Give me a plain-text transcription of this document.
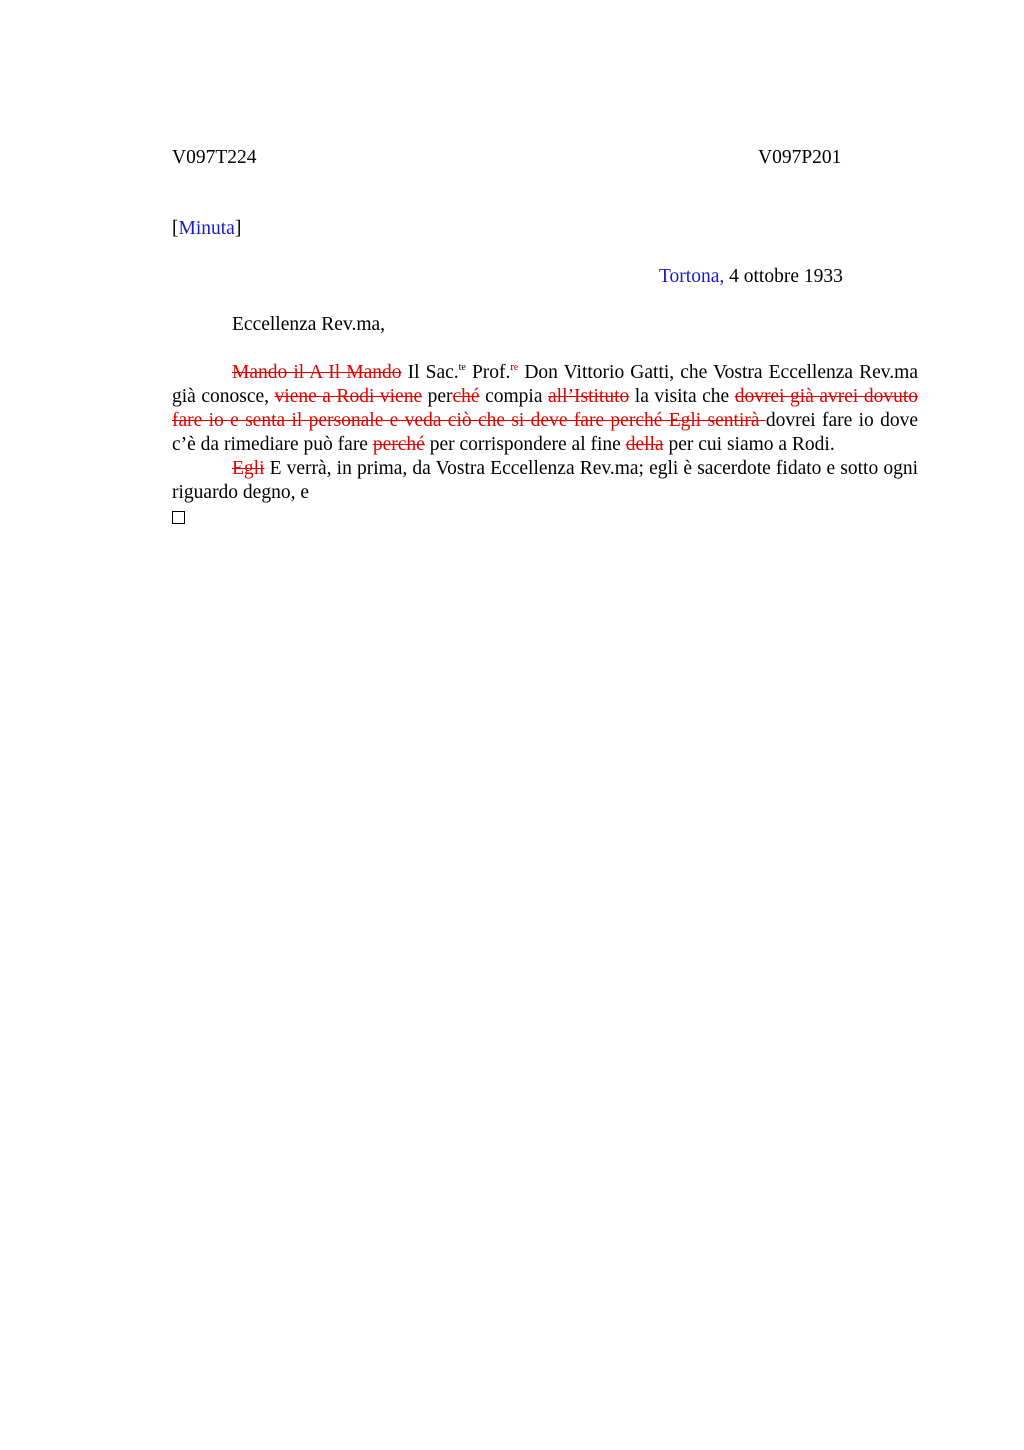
V097T224	V097P201
[Minuta]
Tortona, 4 ottobre 1933
Eccellenza Rev.ma,

Mando il A Il Mando Il Sac.$^{te}$ Prof.$^{re}$ Don Vittorio Gatti, che Vostra Eccellenza Rev.ma già conosce, viene a Rodi viene perché compia all’Istituto la visita che dovrei già avrei dovuto fare io e senta il personale e veda ciò che si deve fare perché Egli sentirà dovrei fare io dove c’è da rimediare può fare perché per corrispondere al fine della per cui siamo a Rodi.

Egli E verrà, in prima, da Vostra Eccellenza Rev.ma; egli è sacerdote fidato e sotto ogni riguardo degno, e
